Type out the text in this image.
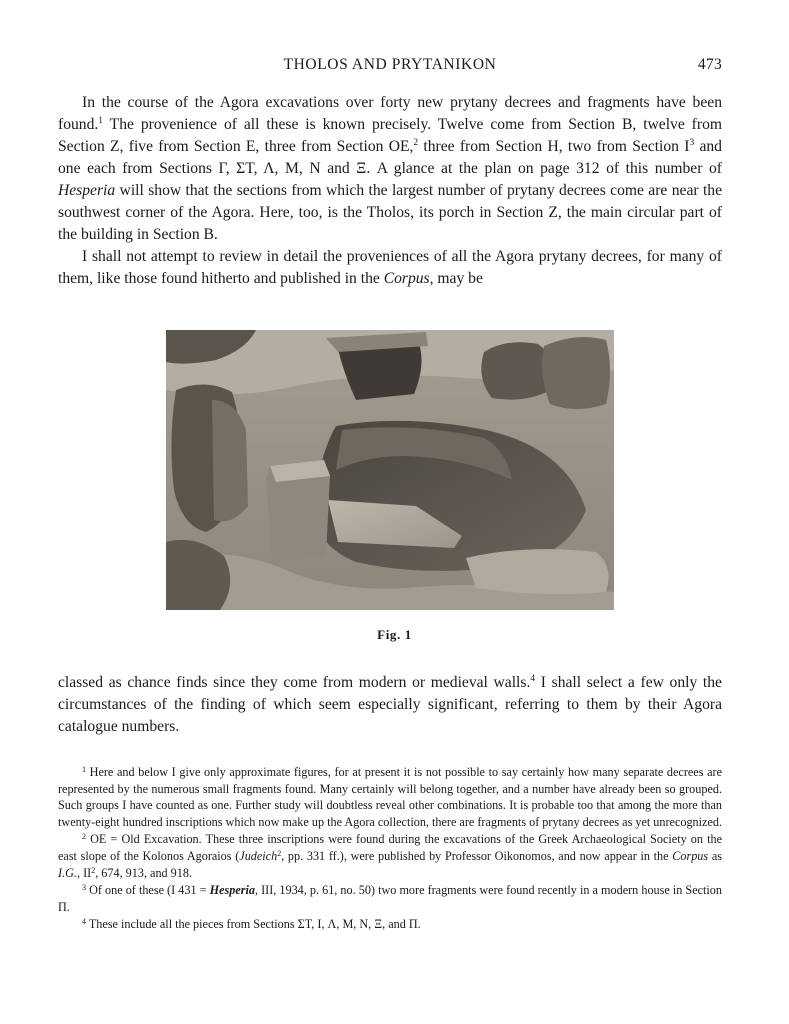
THOLOS AND PRYTANIKON	473

In the course of the Agora excavations over forty new prytany decrees and fragments have been found.$^1$ The provenience of all these is known precisely. Twelve come from Section B, twelve from Section Z, five from Section E, three from Section OE,$^2$ three from Section H, two from Section $I^3$ and one each from Sections Γ, ΣΤ, Λ, Μ, Ν and Ξ. A glance at the plan on page 312 of this number of Hesperia will show that the sections from which the largest number of prytany decrees come are near the southwest corner of the Agora. Here, too, is the Tholos, its porch in Section Z, the main circular part of the building in Section B.

I shall not attempt to review in detail the proveniences of all the Agora prytany decrees, for many of them, like those found hitherto and published in the Corpus, may be

Fig. 1

classed as chance finds since they come from modern or medieval walls.$^4$ I shall select a few only the circumstances of the finding of which seem especially significant, referring to them by their Agora catalogue numbers.

$^1$ Here and below I give only approximate figures, for at present it is not possible to say certainly how many separate decrees are represented by the numerous small fragments found. Many certainly will belong together, and a number have already been so grouped. Such groups I have counted as one. Further study will doubtless reveal other combinations. It is probable too that among the more than twenty-eight hundred inscriptions which now make up the Agora collection, there are fragments of prytany decrees as yet unrecognized.

$^2$ OE = Old Excavation. These three inscriptions were found during the excavations of the Greek Archaeological Society on the east slope of the Kolonos Agoraios (Judeich$^2$, pp. 331 ff.), were published by Professor Oikonomos, and now appear in the Corpus as I.G., $II^2$, 674, 913, and 918.

$^3$ Of one of these (I 431 = Hesperia, III, 1934, p. 61, no. 50) two more fragments were found recently in a modern house in Section Π.

$^4$ These include all the pieces from Sections ΣΤ, I, Λ, Μ, Ν, Ξ, and Π.
